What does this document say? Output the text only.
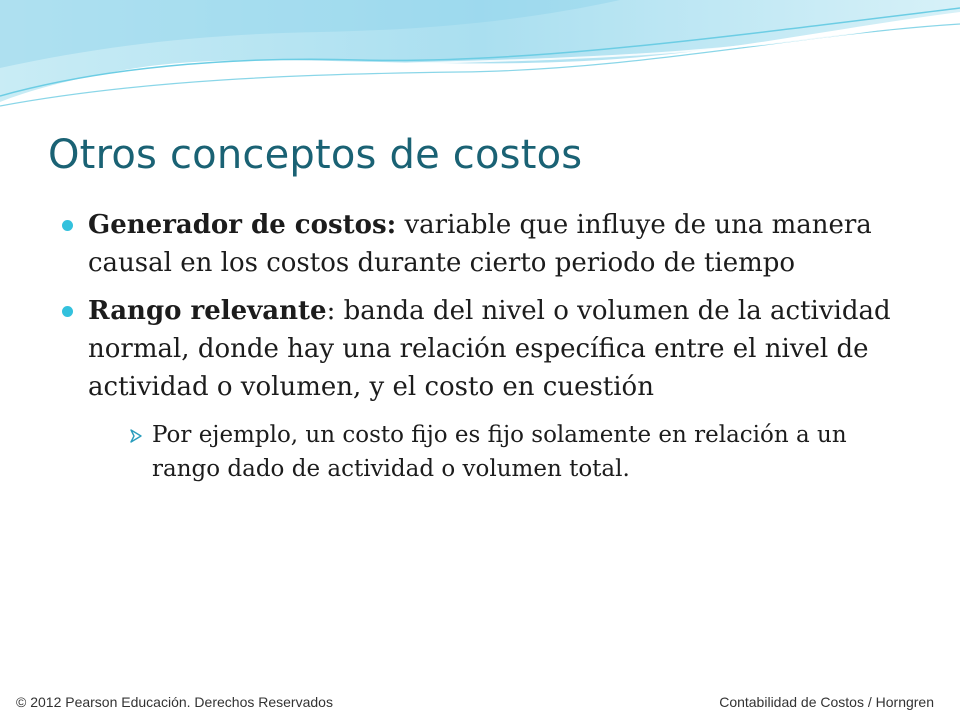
Otros conceptos de costos
Generador de costos: variable que influye de una manera causal en los costos durante cierto periodo de tiempo
Rango relevante: banda del nivel o volumen de la actividad normal, donde hay una relación específica entre el nivel de actividad o volumen, y el costo en cuestión
Por ejemplo, un costo fijo es fijo solamente en relación a un rango dado de actividad o volumen total.
© 2012 Pearson Educación. Derechos Reservados	Contabilidad de Costos / Horngren
